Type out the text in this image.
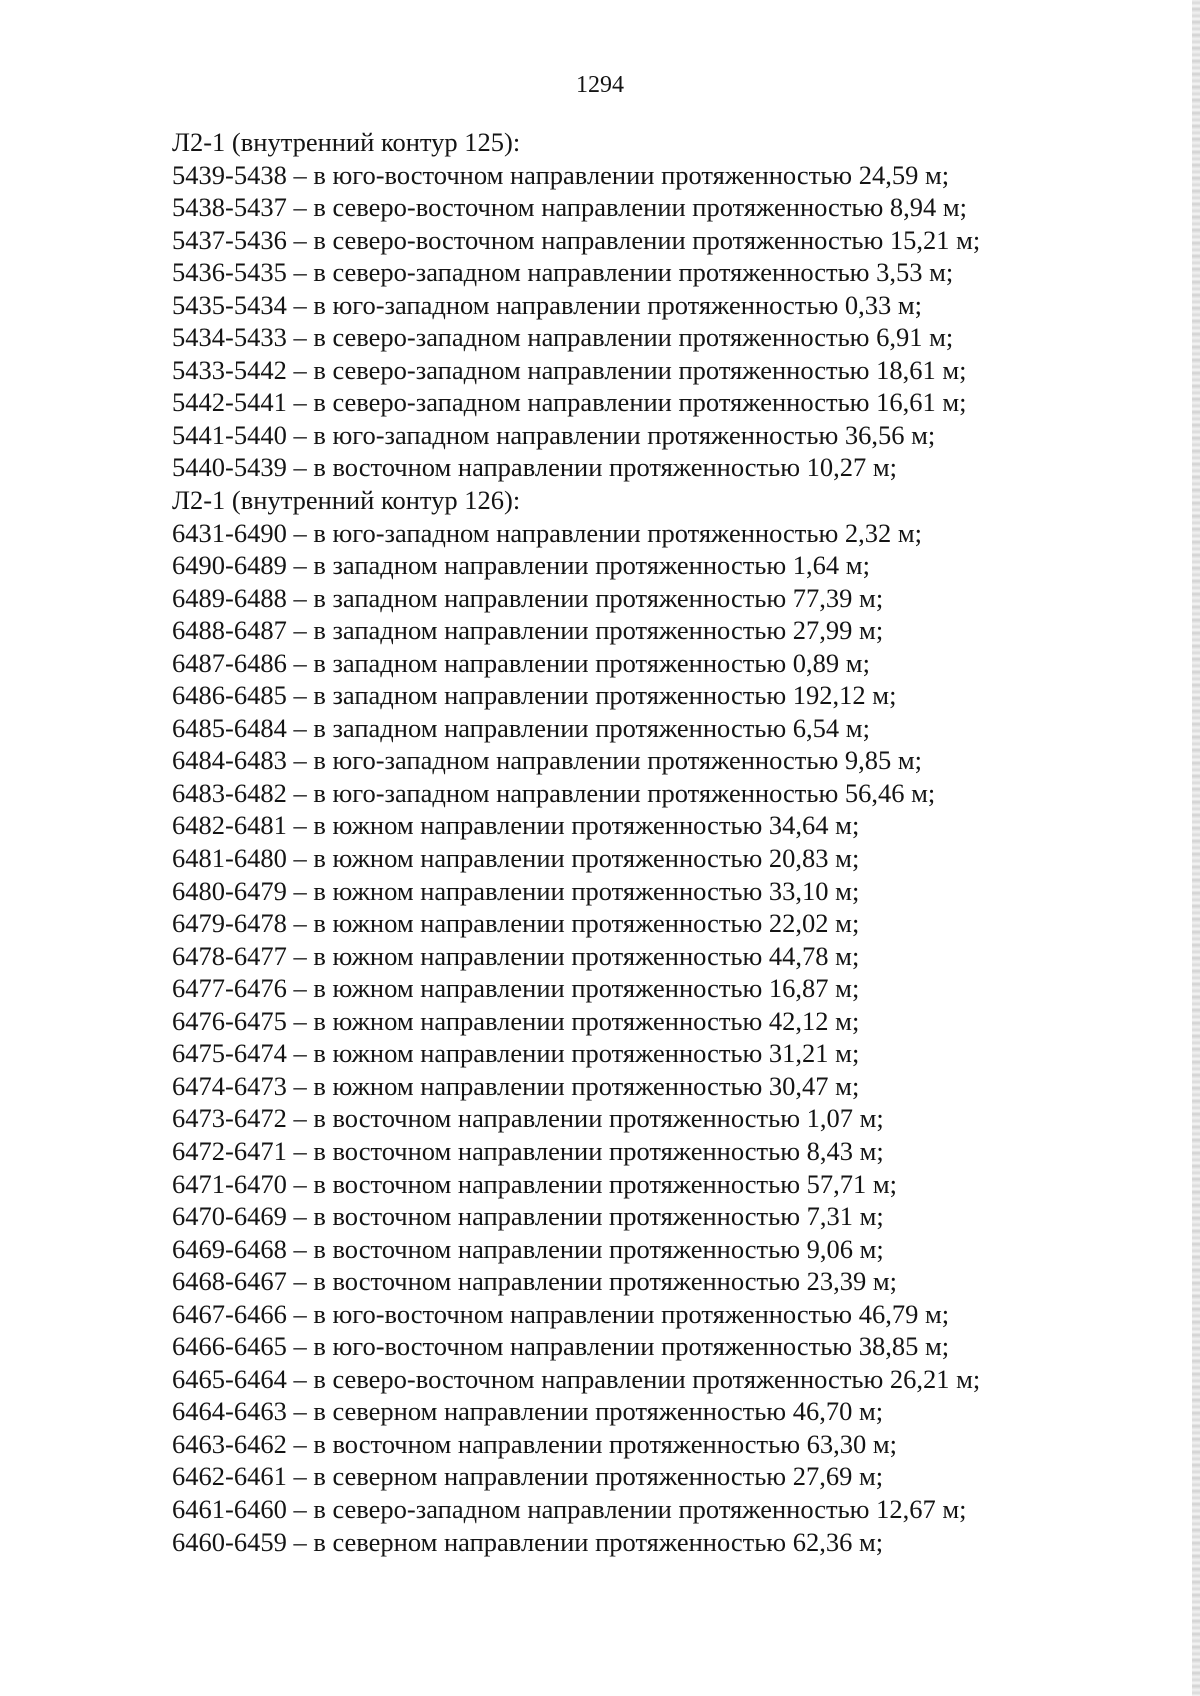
1294
Л2-1 (внутренний контур 125):
5439-5438 – в юго-восточном направлении протяженностью 24,59 м;
5438-5437 – в северо-восточном направлении протяженностью 8,94 м;
5437-5436 – в северо-восточном направлении протяженностью 15,21 м;
5436-5435 – в северо-западном направлении протяженностью 3,53 м;
5435-5434 – в юго-западном направлении протяженностью 0,33 м;
5434-5433 – в северо-западном направлении протяженностью 6,91 м;
5433-5442 – в северо-западном направлении протяженностью 18,61 м;
5442-5441 – в северо-западном направлении протяженностью 16,61 м;
5441-5440 – в юго-западном направлении протяженностью 36,56 м;
5440-5439 – в восточном направлении протяженностью 10,27 м;
Л2-1 (внутренний контур 126):
6431-6490 – в юго-западном направлении протяженностью 2,32 м;
6490-6489 – в западном направлении протяженностью 1,64 м;
6489-6488 – в западном направлении протяженностью 77,39 м;
6488-6487 – в западном направлении протяженностью 27,99 м;
6487-6486 – в западном направлении протяженностью 0,89 м;
6486-6485 – в западном направлении протяженностью 192,12 м;
6485-6484 – в западном направлении протяженностью 6,54 м;
6484-6483 – в юго-западном направлении протяженностью 9,85 м;
6483-6482 – в юго-западном направлении протяженностью 56,46 м;
6482-6481 – в южном направлении протяженностью 34,64 м;
6481-6480 – в южном направлении протяженностью 20,83 м;
6480-6479 – в южном направлении протяженностью 33,10 м;
6479-6478 – в южном направлении протяженностью 22,02 м;
6478-6477 – в южном направлении протяженностью 44,78 м;
6477-6476 – в южном направлении протяженностью 16,87 м;
6476-6475 – в южном направлении протяженностью 42,12 м;
6475-6474 – в южном направлении протяженностью 31,21 м;
6474-6473 – в южном направлении протяженностью 30,47 м;
6473-6472 – в восточном направлении протяженностью 1,07 м;
6472-6471 – в восточном направлении протяженностью 8,43 м;
6471-6470 – в восточном направлении протяженностью 57,71 м;
6470-6469 – в восточном направлении протяженностью 7,31 м;
6469-6468 – в восточном направлении протяженностью 9,06 м;
6468-6467 – в восточном направлении протяженностью 23,39 м;
6467-6466 – в юго-восточном направлении протяженностью 46,79 м;
6466-6465 – в юго-восточном направлении протяженностью 38,85 м;
6465-6464 – в северо-восточном направлении протяженностью 26,21 м;
6464-6463 – в северном направлении протяженностью 46,70 м;
6463-6462 – в восточном направлении протяженностью 63,30 м;
6462-6461 – в северном направлении протяженностью 27,69 м;
6461-6460 – в северо-западном направлении протяженностью 12,67 м;
6460-6459 – в северном направлении протяженностью 62,36 м;
